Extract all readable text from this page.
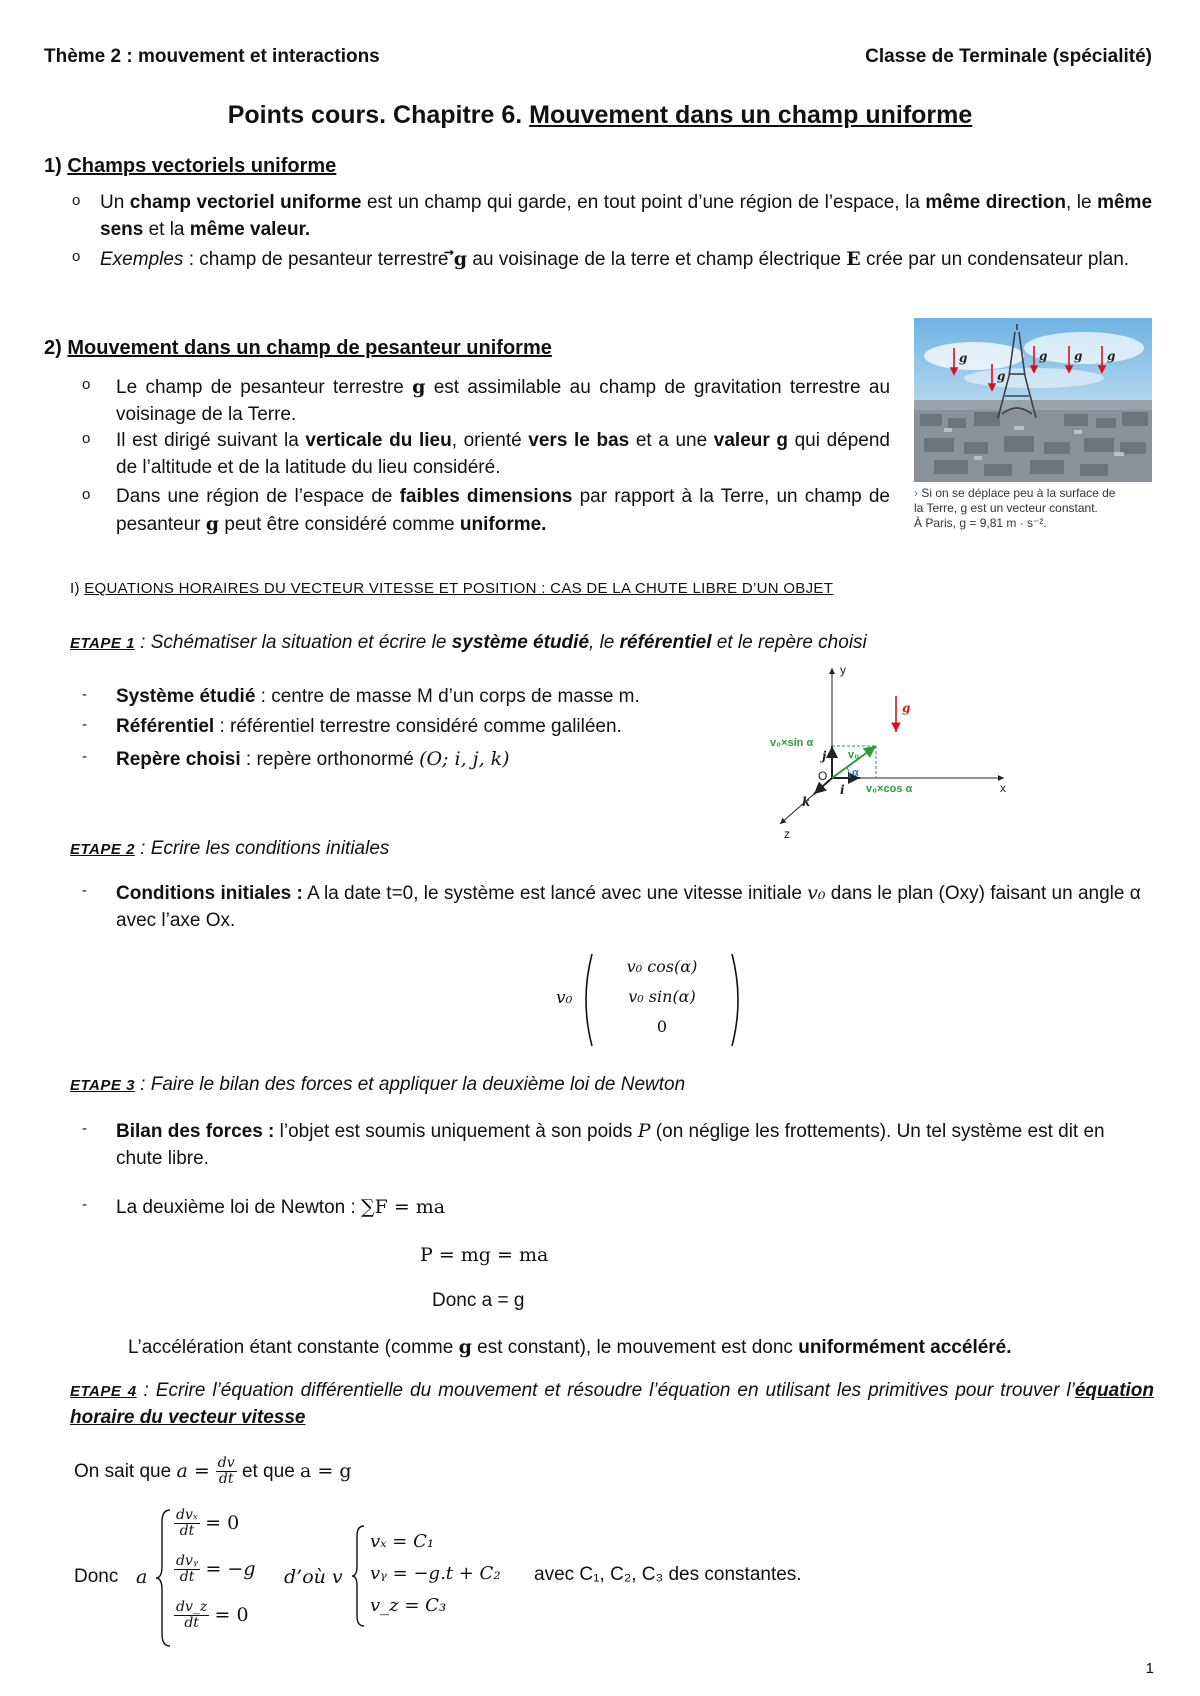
Thème 2 : mouvement et interactions	Classe de Terminale (spécialité)
Points cours. Chapitre 6. Mouvement dans un champ uniforme
1) Champs vectoriels uniforme
o Un champ vectoriel uniforme est un champ qui garde, en tout point d’une région de l’espace, la même direction, le même sens et la même valeur.
o Exemples : champ de pesanteur terrestre g au voisinage de la terre et champ électrique E crée par un condensateur plan.
2) Mouvement dans un champ de pesanteur uniforme
o Le champ de pesanteur terrestre g est assimilable au champ de gravitation terrestre au voisinage de la Terre.
o Il est dirigé suivant la verticale du lieu, orienté vers le bas et a une valeur g qui dépend de l’altitude et de la latitude du lieu considéré.
o Dans une région de l’espace de faibles dimensions par rapport à la Terre, un champ de pesanteur g peut être considéré comme uniforme.
g
g
g g g
› Si on se déplace peu à la surface de
la Terre, g est un vecteur constant.
À Paris, g = 9,81 m · s⁻².
I) EQUATIONS HORAIRES DU VECTEUR VITESSE ET POSITION : CAS DE LA CHUTE LIBRE D’UN OBJET
ETAPE 1 : Schématiser la situation et écrire le système étudié, le référentiel et le repère choisi
- Système étudié : centre de masse M d’un corps de masse m.
- Référentiel : référentiel terrestre considéré comme galiléen.
- Repère choisi : repère orthonormé (O; i, j, k)
y
x
z
O
j
i
k
g
v₀
v₀×cos α
v₀×sin α
α
ETAPE 2 : Ecrire les conditions initiales
- Conditions initiales : A la date t=0, le système est lancé avec une vitesse initiale v₀ dans le plan (Oxy) faisant un angle α avec l’axe Ox.
v₀
v₀ cos(α)
v₀ sin(α)
0
ETAPE 3 : Faire le bilan des forces et appliquer la deuxième loi de Newton
- Bilan des forces : l’objet est soumis uniquement à son poids P (on néglige les frottements). Un tel système est dit en chute libre.
- La deuxième loi de Newton : ∑F = ma
P = mg = ma
Donc a = g
L’accélération étant constante (comme g est constant), le mouvement est donc uniformément accéléré.
ETAPE 4 : Ecrire l’équation différentielle du mouvement et résoudre l’équation en utilisant les primitives pour trouver l’équation horaire du vecteur vitesse
On sait que $a = \frac{dv}{dt}$ et que a = g
Donc a
$\frac{\text{dvₓ}}{dt} = 0$
$\frac{\text{dvᵧ}}{dt} = -g$
$\frac{dv\_z}{dt} = 0$
d’où v
vₓ = C₁
vᵧ = −g.t + C₂
v_z = C₃
avec C₁, C₂, C₃ des constantes.
1
